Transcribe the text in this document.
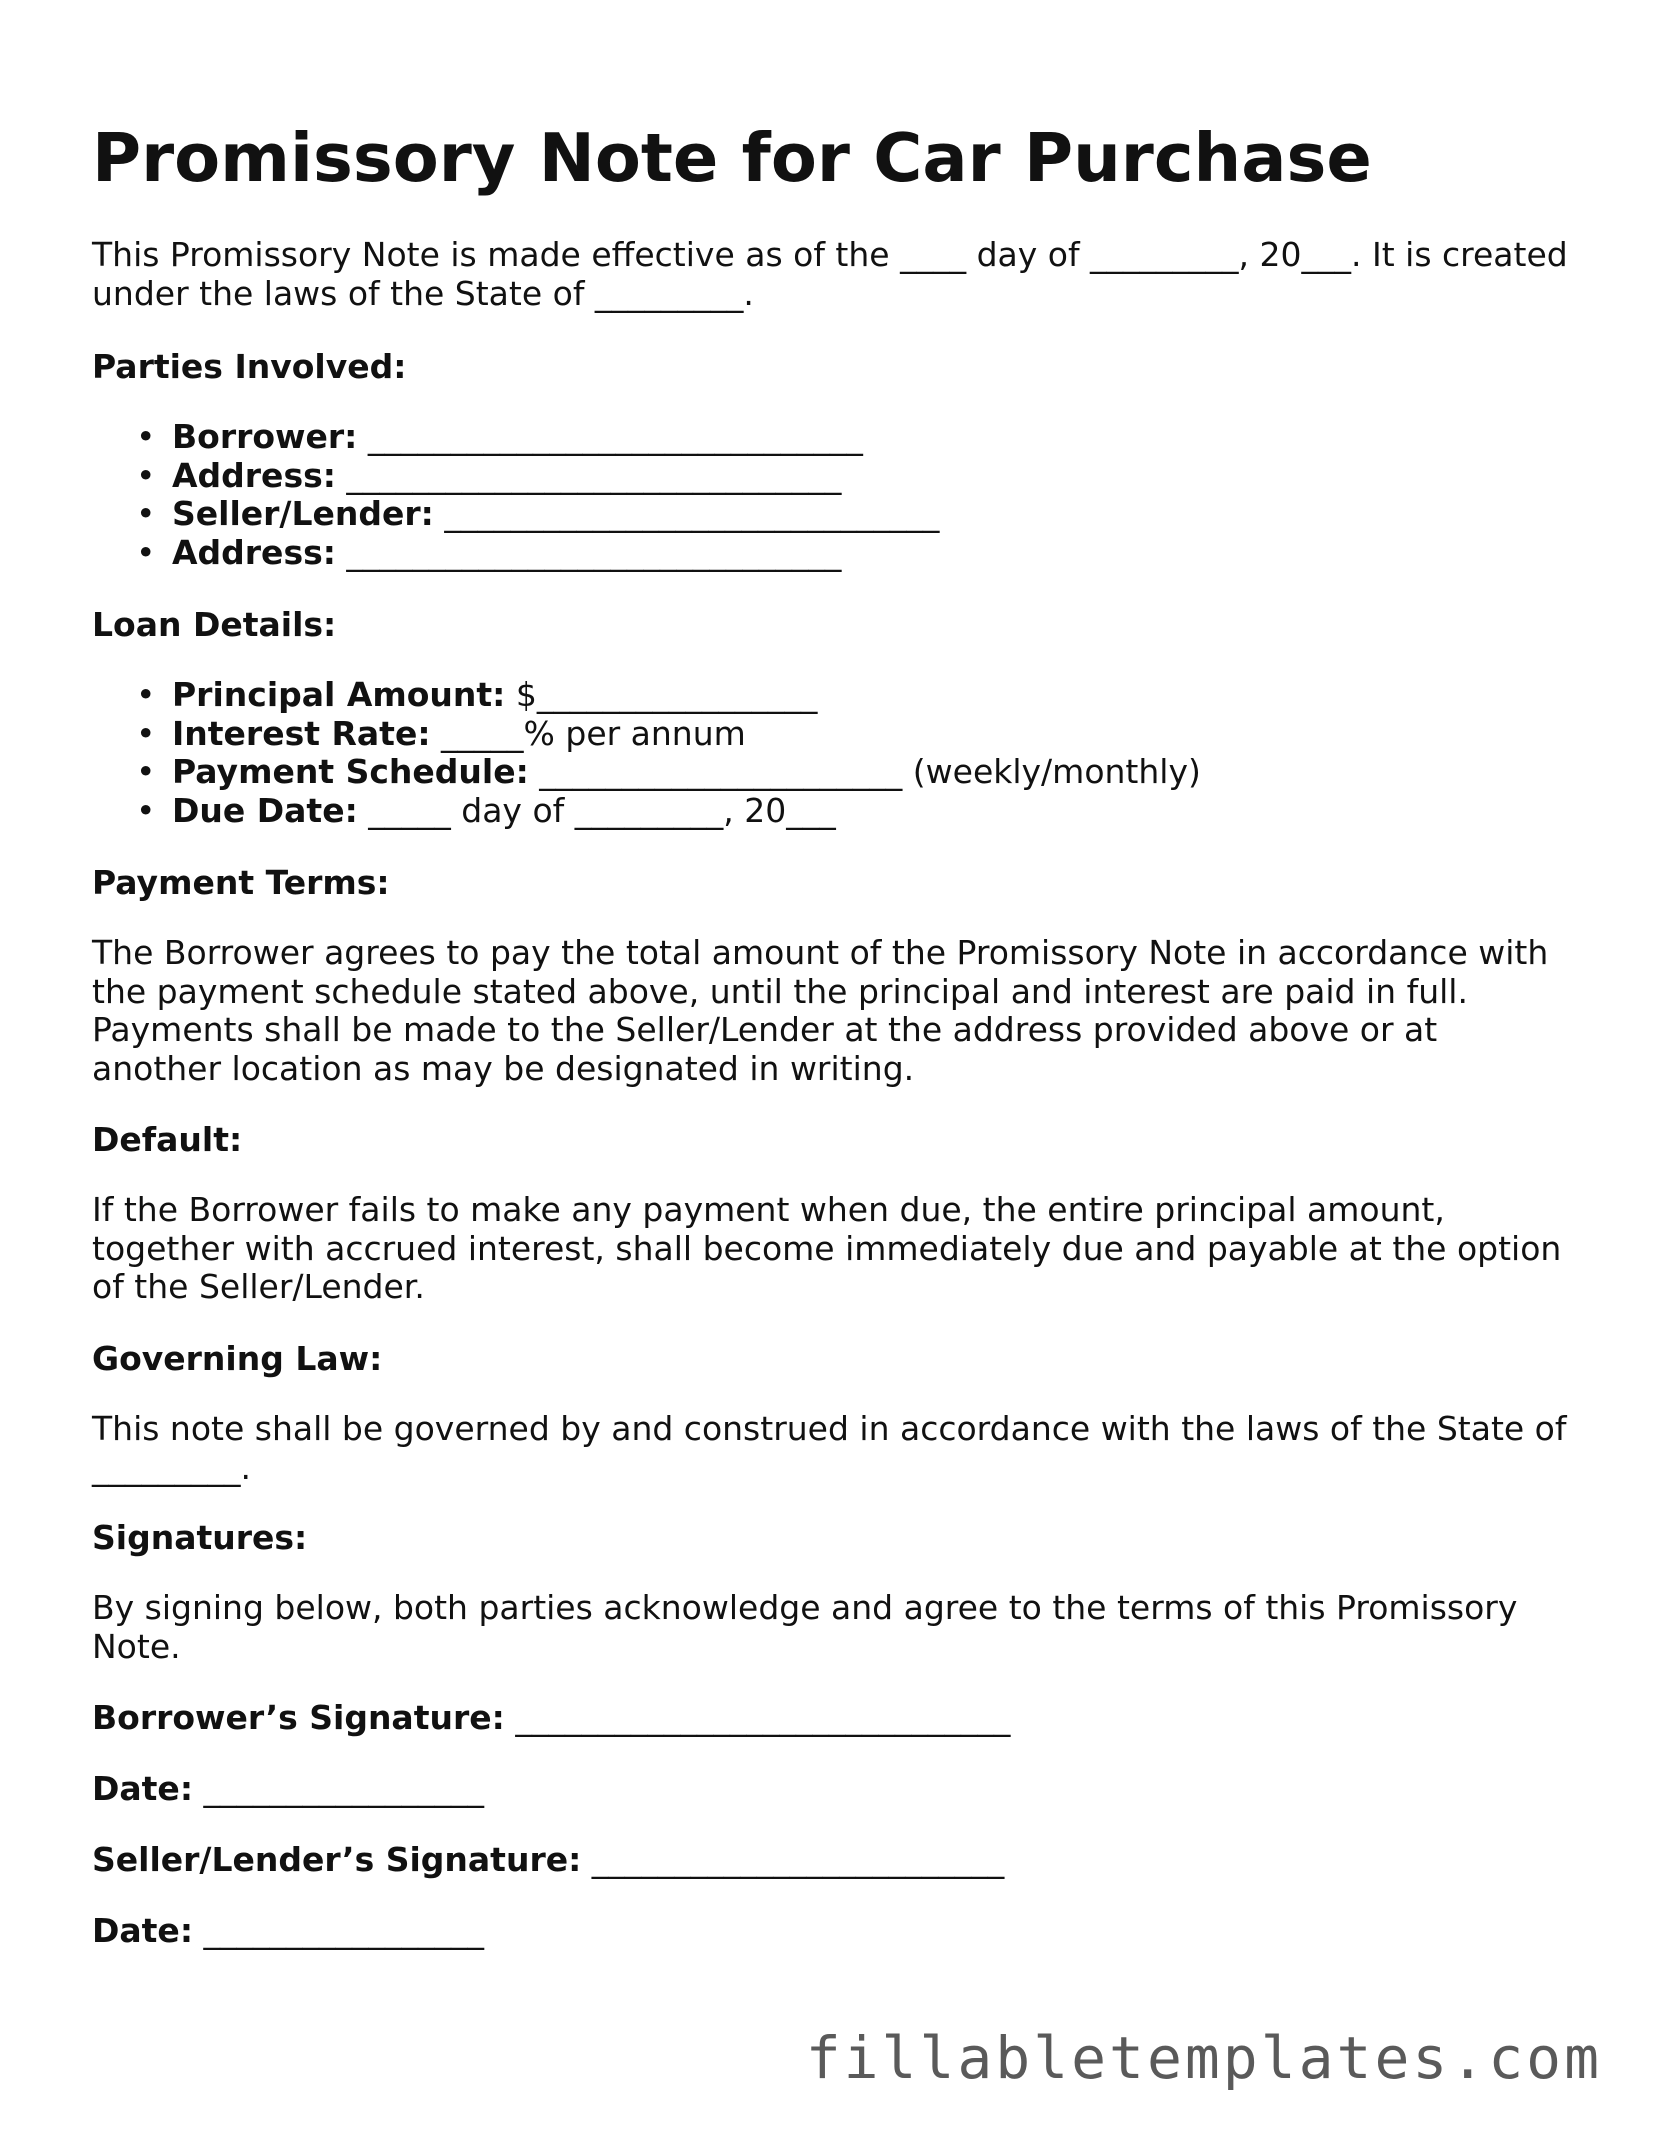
Promissory Note for Car Purchase

This Promissory Note is made effective as of the ____ day of _________, 20___. It is created under the laws of the State of _________.

Parties Involved:
• Borrower: ______________________________
• Address: ______________________________
• Seller/Lender: ______________________________
• Address: ______________________________
Loan Details:
• Principal Amount: $_________________
• Interest Rate: _____% per annum
• Payment Schedule: ______________________ (weekly/monthly)
• Due Date: _____ day of _________, 20___
Payment Terms:

The Borrower agrees to pay the total amount of the Promissory Note in accordance with the payment schedule stated above, until the principal and interest are paid in full. Payments shall be made to the Seller/Lender at the address provided above or at another location as may be designated in writing.

Default:

If the Borrower fails to make any payment when due, the entire principal amount, together with accrued interest, shall become immediately due and payable at the option of the Seller/Lender.

Governing Law:

This note shall be governed by and construed in accordance with the laws of the State of _________.

Signatures:

By signing below, both parties acknowledge and agree to the terms of this Promissory Note.

Borrower’s Signature: ______________________________

Date: _________________

Seller/Lender’s Signature: _________________________

Date: _________________

fillabletemplates.com
